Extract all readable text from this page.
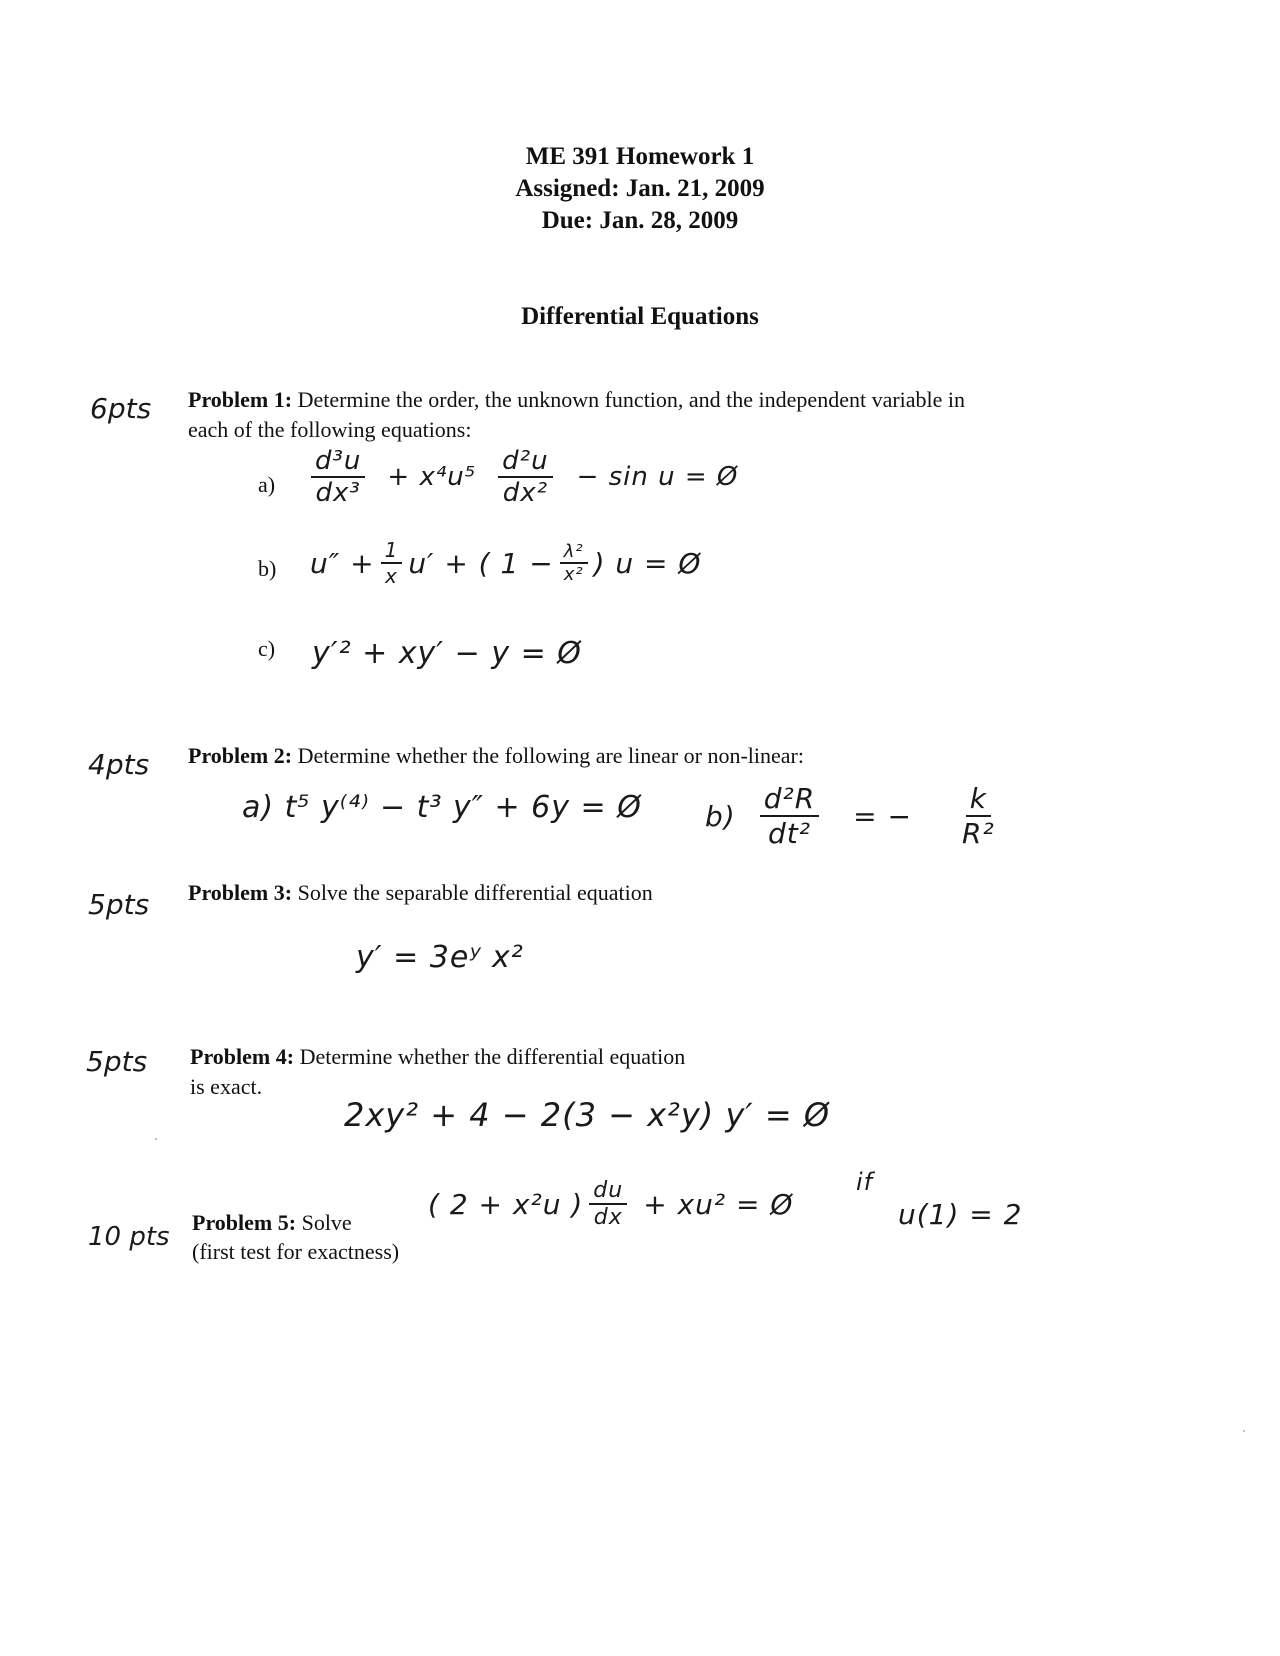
ME 391 Homework 1
Assigned: Jan. 21, 2009
Due: Jan. 28, 2009
Differential Equations
6pts Problem 1: Determine the order, the unknown function, and the independent variable in
each of the following equations:
$a) \frac{\text{d³u}}{\text{dx³}} + x^4u^5 \frac{\text{d²u}}{\text{dx²}} - \sin u$ = Ø
b) $u'' + \frac{1}{x} u'$ + ( $1 - \frac{\text{λ²}}{\text{x²}}$ ) u = Ø
c) y′² + xy′ − y = Ø
4pts Problem 2: Determine whether the following are linear or non-linear:
a) t⁵ y⁽⁴⁾ − t³ y″ + 6y = Ø $b) \frac{\text{d²R}}{\text{dt²}}$ = − $\frac{k}{\text{R²}}$
5pts Problem 3: Solve the separable differential equation
y′ = 3eʸ x²
5pts Problem 4: Determine whether the differential equation
is exact.
2xy² + 4 − 2(3 − x²y) y′ = Ø
10 pts Problem 5: Solve
(first test for exactness)
( 2 + x²u ) $\frac{du}{dx} + xu^2$ = Ø
if
u(1) = 2
